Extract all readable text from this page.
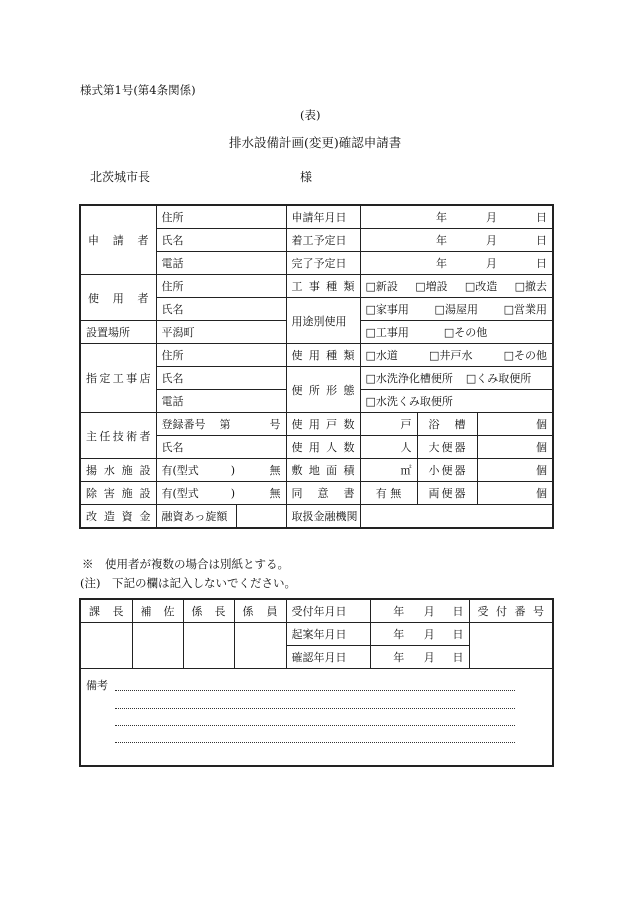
様式第1号(第4条関係)
(表)
排水設備計画(変更)確認申請書
北茨城市長	様
申請者	住所		申請年月日	年 月 日		

	氏名		着工予定日	年 月 日		

	電話		完了予定日	年 月 日		

使用者	住所		工事種類	□新設 □増設 □改造 □撤去		

	氏名		用途別使用	□家事用 □湯屋用 □営業用		

設置場所	平潟町			□工事用 □その他		

指定工事店	住所		使用種類	□水道 □井戸水 □その他		

	氏名		便所形態	□水洗浄化槽便所 □くみ取便所		
	電話			□水洗くみ取便所		

主任技術者	登録番号 第 号		使用戸数	戸	浴槽	個
	氏名		使用人数	人	大便器	個

揚水施設	有(型式 ) 無		敷地面積	㎡	小便器	個

除害施設	有(型式 ) 無		同意書	有 無	両便器	個

改造資金	融資あっ旋額		取扱金融機関			
※　使用者が複数の場合は別紙とする。
(注)　下記の欄は記入しないでください。
課長	補佐	係長	係員	受付年月日	年 月 日	受付番号

				起案年月日	年 月 日	

				確認年月日	年 月 日	

備考						
